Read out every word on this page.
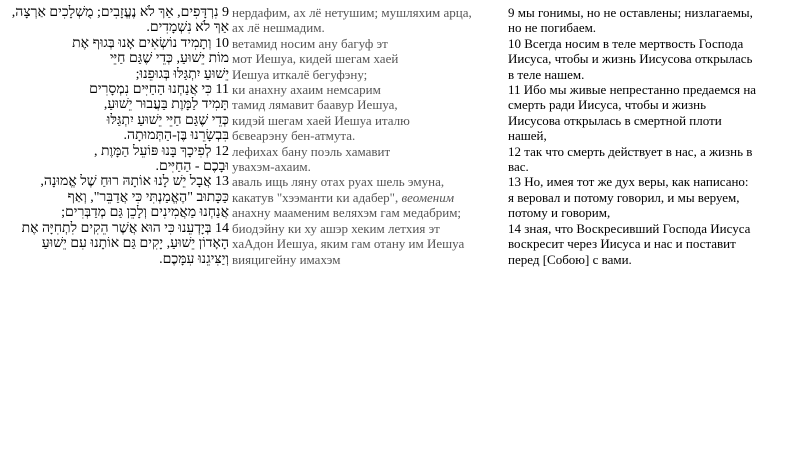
9 נִרְדָּפִים, אַךְ לֹא נֶעֱזָבִים; מֻשְׁלָכִים אַרְצָה,
אַךְ לֹא נִשְׁמָדִים.
10 וְתָמִיד נוֹשְׂאִים אָנוּ בְּגוּף אֶת
מוֹת יֵשׁוּעַ, כְּדֵי שֶׁגַּם חַיֵּי
יֵשׁוּעַ יִתְגַּלּוּ בְּגוּפֵנוּ;
11 כִּי אֲנַחְנוּ הַחַיִּים נִמְסָרִים
תָּמִיד לַמָּוֶת בַּעֲבוּר יֵשׁוּעַ,
כְּדֵי שֶׁגַּם חַיֵּי יֵשׁוּעַ יִתְגַּלּוּ
בִּבְשָׂרֵנוּ בֶּן-הַתְּמוּתָה.
12 לְפִיכָךְ בָּנוּ פּוֹעֵל הַמָּוֶת ,
וּבָכֶם - הַחַיִּים.
13 אֲבָל יֵשׁ לָנוּ אוֹתָהּ רוּחַ שֶׁל אֱמוּנָה,
כַּכָּתוּב "הֶאֱמַנְתִּי כִּי אֲדַבֵּר", וְאַף
אֲנַחְנוּ מַאֲמִינִים וְלָכֵן גַּם מְדַבְּרִים;
14 בְּיָדְעֵנוּ כִּי הוּא אֲשֶׁר הֵקִים לִתְחִיָּה אֶת
הָאָדוֹן יֵשׁוּעַ, יָקִים גַּם אוֹתָנוּ עִם יֵשׁוּעַ
וְיַצִּיגֵנוּ עִמָּכֶם.
нердафим, ах лё нетушим; мушляхим арца,
ах лё нешмадим.
ветамид носим ану багуф эт
мот Иешуа, кидей шегам хаей
Иешуа иткалё бегуфэну;
ки анахну ахаим немсарим
тамид лямавит баавур Иешуа,
кидэй шегам хаей Иешуа италю
бєвеарэну бен-атмута.
лефихах бану поэль хамавит
увахэм-ахаим.
аваль ищь ляну отах руах шель эмуна,
какатув "хээманти ки адабер", веоменим
анахну мааменим веляхэм гам медабрим;
биодэйну ки ху ашэр хеким летхия эт
хаАдон Иешуа, яким гам отану им Иешуа
вияцигейну имахэм
9 мы гонимы, но не оставлены; низлагаемы,
но не погибаем.
10 Всегда носим в теле мертвость Господа
Иисуса, чтобы и жизнь Иисусова открылась
в теле нашем.
11 Ибо мы живые непрестанно предаемся на
смерть ради Иисуса, чтобы и жизнь
Иисусова открылась в смертной плоти
нашей,
12 так что смерть действует в нас, а жизнь в
вас.
13 Но, имея тот же дух веры, как написано:
я веровал и потому говорил, и мы веруем,
потому и говорим,
14 зная, что Воскресивший Господа Иисуса
воскресит через Иисуса и нас и поставит
перед [Собою] с вами.
